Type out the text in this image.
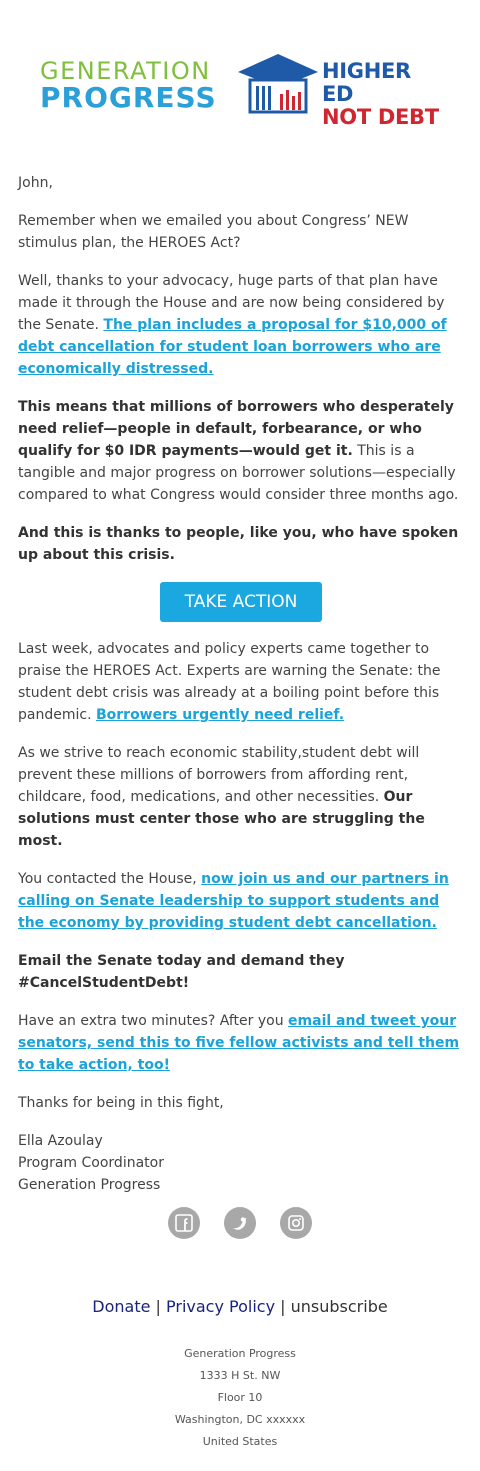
GENERATION
PROGRESS
HIGHER ED
NOT DEBT

John,

Remember when we emailed you about Congress’ NEW stimulus plan, the HEROES Act?

Well, thanks to your advocacy, huge parts of that plan have made it through the House and are now being considered by the Senate. The plan includes a proposal for $10,000 of debt cancellation for student loan borrowers who are economically distressed.

This means that millions of borrowers who desperately need relief—people in default, forbearance, or who qualify for $0 IDR payments—would get it. This is a tangible and major progress on borrower solutions—especially compared to what Congress would consider three months ago.

And this is thanks to people, like you, who have spoken up about this crisis.

TAKE ACTION

Last week, advocates and policy experts came together to praise the HEROES Act. Experts are warning the Senate: the student debt crisis was already at a boiling point before this pandemic. Borrowers urgently need relief.

As we strive to reach economic stability,student debt will prevent these millions of borrowers from affording rent, childcare, food, medications, and other necessities. Our solutions must center those who are struggling the most.

You contacted the House, now join us and our partners in calling on Senate leadership to support students and the economy by providing student debt cancellation.

Email the Senate today and demand they #CancelStudentDebt!

Have an extra two minutes? After you email and tweet your senators, send this to five fellow activists and tell them to take action, too!

Thanks for being in this fight,

Ella Azoulay
Program Coordinator
Generation Progress

Donate | Privacy Policy | unsubscribe
Generation Progress
1333 H St. NW
Floor 10
Washington, DC xxxxxx
United States
